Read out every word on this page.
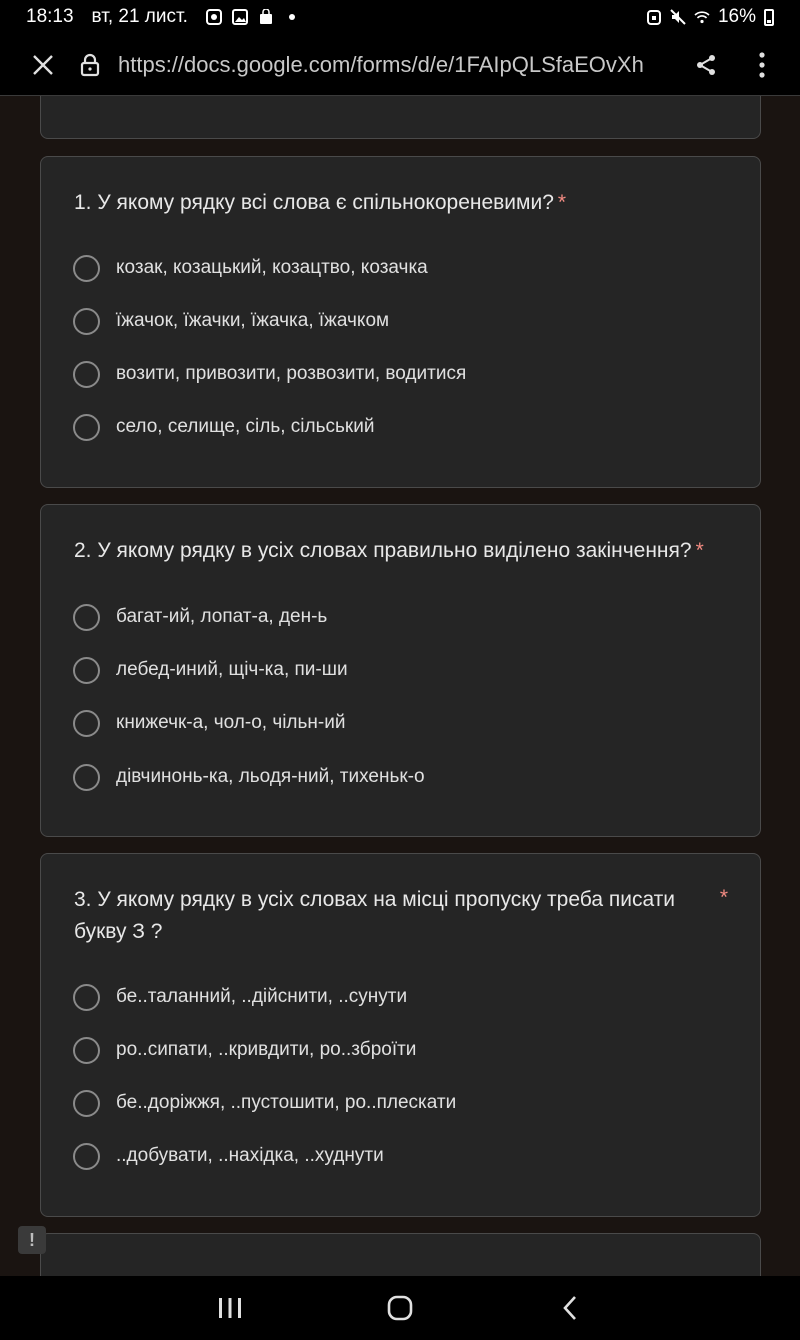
18:13 вт, 21 лист.	16%
https://docs.google.com/forms/d/e/1FAIpQLSfaEOvXh
1. У якому рядку всі слова є спільнокореневими? *
козак, козацький, козацтво, козачка
їжачок, їжачки, їжачка, їжачком
возити, привозити, розвозити, водитися
село, селище, сіль, сільський
2. У якому рядку в усіх словах правильно виділено закінчення? *
багат-ий, лопат-а, ден-ь
лебед-иний, щіч-ка, пи-ши
книжечк-а, чол-о, чільн-ий
дівчинонь-ка, льодя-ний, тихеньк-о
3. У якому рядку в усіх словах на місці пропуску треба писати букву З ?
*
бе..таланний, ..дійснити, ..сунути
ро..сипати, ..кривдити, ро..зброїти
бе..доріжжя, ..пустошити, ро..плескати
..добувати, ..нахідка, ..худнути
!
